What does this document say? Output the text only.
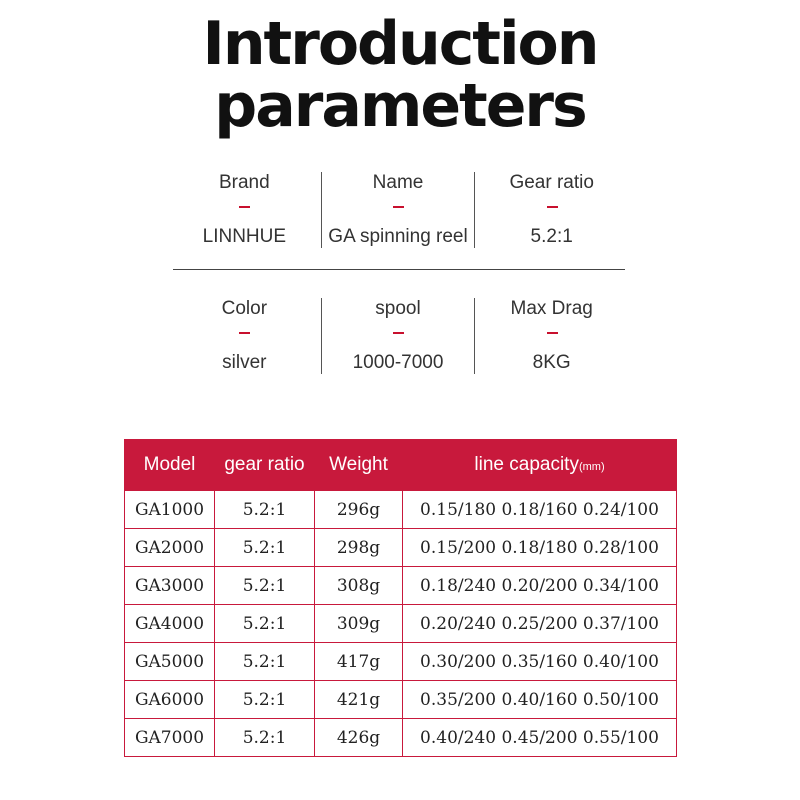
Introduction
parameters
Brand
LINNHUE
Name
GA spinning reel
Gear ratio
5.2:1
Color
silver
spool
1000-7000
Max Drag
8KG
Model	gear ratio	Weight	line capacity(mm)
GA1000	5.2:1	296g	0.15/180 0.18/160 0.24/100
GA2000	5.2:1	298g	0.15/200 0.18/180 0.28/100
GA3000	5.2:1	308g	0.18/240 0.20/200 0.34/100
GA4000	5.2:1	309g	0.20/240 0.25/200 0.37/100
GA5000	5.2:1	417g	0.30/200 0.35/160 0.40/100
GA6000	5.2:1	421g	0.35/200 0.40/160 0.50/100
GA7000	5.2:1	426g	0.40/240 0.45/200 0.55/100
